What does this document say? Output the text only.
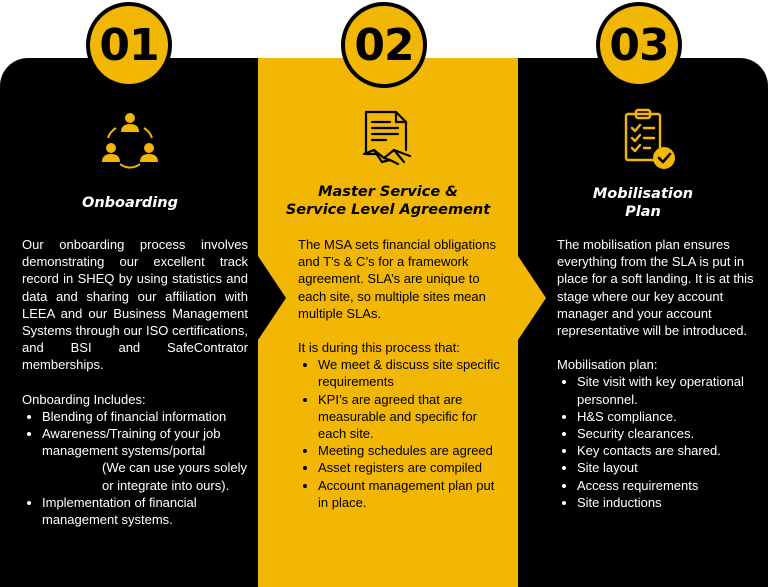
01	02	03
Onboarding
Master Service &
Service Level Agreement
Mobilisation
Plan

Our onboarding process involves demonstrating our excellent track record in SHEQ by using statistics and data and sharing our affiliation with LEEA and our Business Management Systems through our ISO certifications, and BSI and SafeContrator memberships.

Onboarding Includes:

• Blending of financial information
• Awareness/Training of your job management systems/portal
(We can use yours solely or integrate into ours).
• Implementation of financial management systems.

The MSA sets financial obligations and T’s & C’s for a framework agreement. SLA’s are unique to each site, so multiple sites mean multiple SLAs.

It is during this process that:

• We meet & discuss site specific requirements
• KPI’s are agreed that are measurable and specific for each site.
• Meeting schedules are agreed
• Asset registers are compiled
• Account management plan put in place.

The mobilisation plan ensures everything from the SLA is put in place for a soft landing. It is at this stage where our key account manager and your account representative will be introduced.

Mobilisation plan:

• Site visit with key operational personnel.
• H&S compliance.
• Security clearances.
• Key contacts are shared.
• Site layout
• Access requirements
• Site inductions
